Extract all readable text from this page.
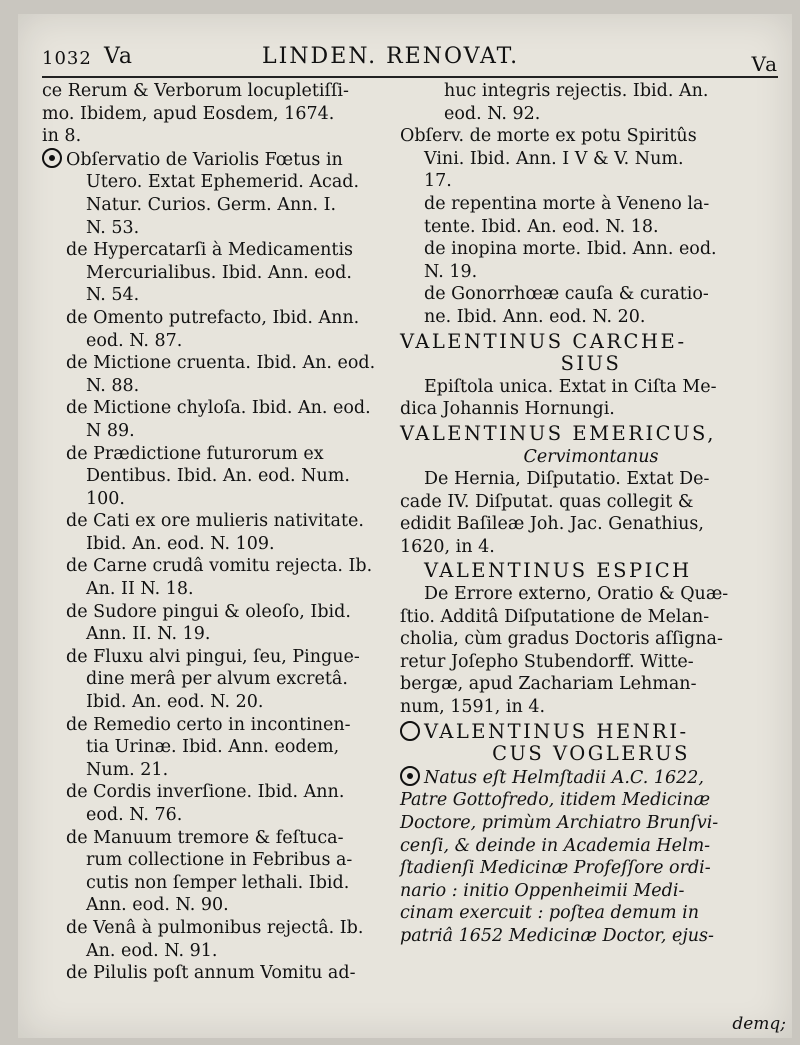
1032 Va	LINDEN. RENOVAT.	Va

ce Rerum & Verborum locupletiſſi-
mo. Ibidem, apud Eosdem, 1674.
in 8.

Obſervatio de Variolis Fœtus in
Utero. Extat Ephemerid. Acad.
Natur. Curios. Germ. Ann. I.
N. 53.

de Hypercatarſi à Medicamentis
Mercurialibus. Ibid. Ann. eod.
N. 54.

de Omento putrefacto, Ibid. Ann.
eod. N. 87.

de Mictione cruenta. Ibid. An. eod.
N. 88.

de Mictione chyloſa. Ibid. An. eod.
N 89.

de Prædictione futurorum ex
Dentibus. Ibid. An. eod. Num.
100.

de Cati ex ore mulieris nativitate.
Ibid. An. eod. N. 109.

de Carne crudâ vomitu rejecta. Ib.
An. II N. 18.

de Sudore pingui & oleoſo, Ibid.
Ann. II. N. 19.

de Fluxu alvi pingui, ſeu, Pingue-
dine merâ per alvum excretâ.
Ibid. An. eod. N. 20.

de Remedio certo in incontinen-
tia Urinæ. Ibid. Ann. eodem,
Num. 21.

de Cordis inverſione. Ibid. Ann.
eod. N. 76.

de Manuum tremore & feſtuca-
rum collectione in Febribus a-
cutis non ſemper lethali. Ibid.
Ann. eod. N. 90.

de Venâ à pulmonibus rejectâ. Ib.
An. eod. N. 91.

de Pilulis poſt annum Vomitu ad-

huc integris rejectis. Ibid. An.
eod. N. 92.

Obſerv. de morte ex potu Spiritûs
Vini. Ibid. Ann. I V & V. Num.
17.

de repentina morte à Veneno la-
tente. Ibid. An. eod. N. 18.

de inopina morte. Ibid. Ann. eod.
N. 19.

de Gonorrhœæ cauſa & curatio-
ne. Ibid. Ann. eod. N. 20.

VALENTINUS CARCHE-
SIUS

Epiſtola unica. Extat in Ciſta Me-
dica Johannis Hornungi.

VALENTINUS EMERICUS,
Cervimontanus

De Hernia, Diſputatio. Extat De-
cade IV. Diſputat. quas collegit &
edidit Baſileæ Joh. Jac. Genathius,
1620, in 4.

VALENTINUS ESPICH

De Errore externo, Oratio & Quæ-
ſtio. Additâ Diſputatione de Melan-
cholia, cùm gradus Doctoris aſſigna-
retur Joſepho Stubendorff. Witte-
bergæ, apud Zachariam Lehman-
num, 1591, in 4.

VALENTINUS HENRI-
CUS VOGLERUS

Natus eſt Helmſtadii A.C. 1622,
Patre Gottofredo, itidem Medicinæ
Doctore, primùm Archiatro Brunſvi-
cenſi, & deinde in Academia Helm-
ſtadienſi Medicinæ Profeſſore ordi-
nario : initio Oppenheimii Medi-
cinam exercuit : poſtea demum in
patriâ 1652 Medicinæ Doctor, ejus-

demq;
